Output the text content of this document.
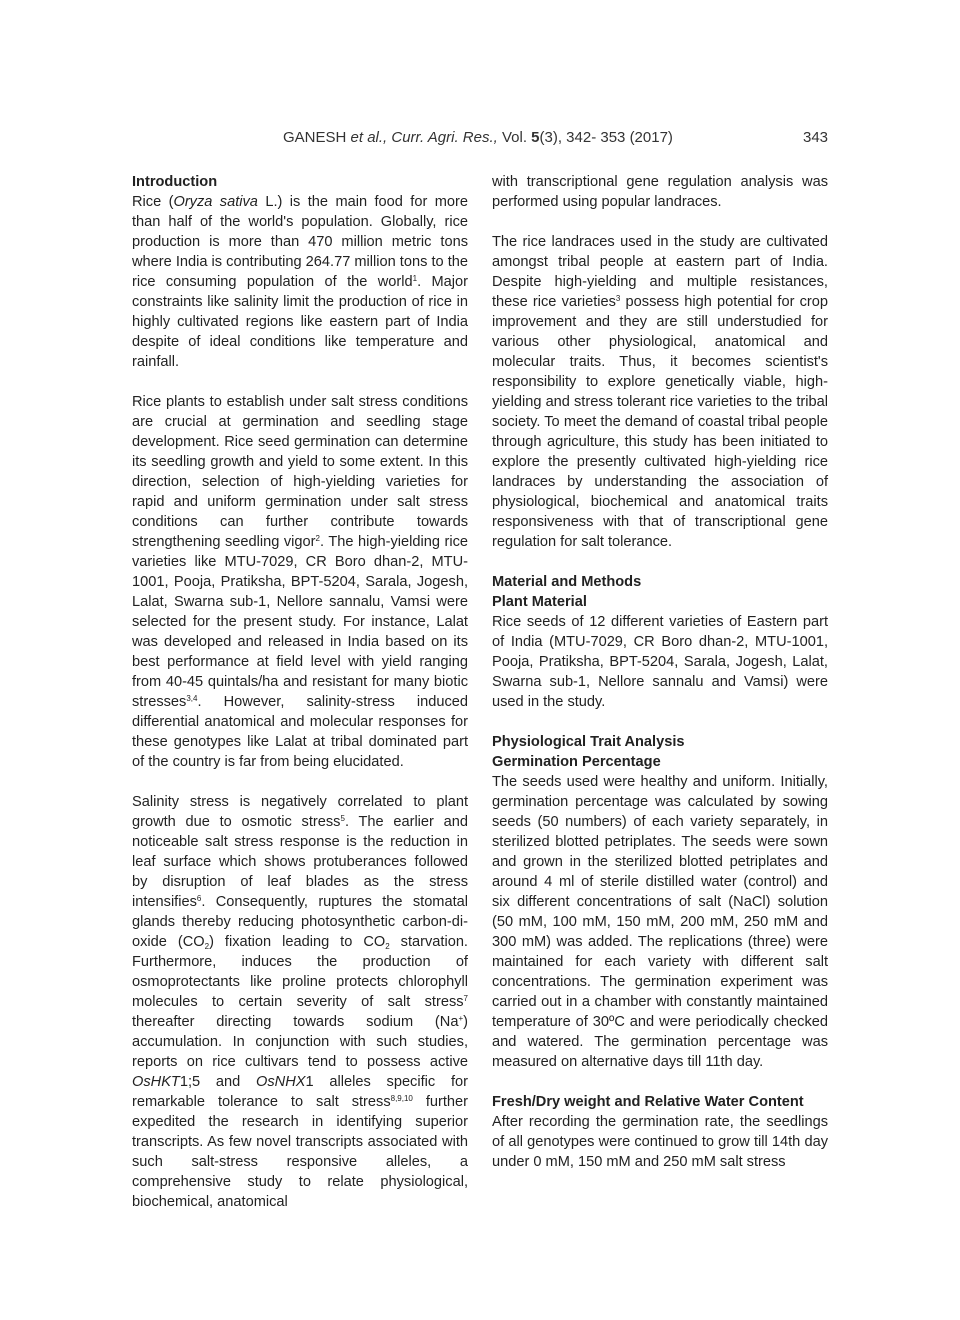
GANESH et al., Curr. Agri. Res., Vol. 5(3), 342- 353 (2017)	343
Introduction

Rice (Oryza sativa L.) is the main food for more than half of the world's population. Globally, rice production is more than 470 million metric tons where India is contributing 264.77 million tons to the rice consuming population of the world$^1$. Major constraints like salinity limit the production of rice in highly cultivated regions like eastern part of India despite of ideal conditions like temperature and rainfall.

Rice plants to establish under salt stress conditions are crucial at germination and seedling stage development. Rice seed germination can determine its seedling growth and yield to some extent. In this direction, selection of high-yielding varieties for rapid and uniform germination under salt stress conditions can further contribute towards strengthening seedling vigor$^2$. The high-yielding rice varieties like MTU-7029, CR Boro dhan-2, MTU-1001, Pooja, Pratiksha, BPT-5204, Sarala, Jogesh, Lalat, Swarna sub-1, Nellore sannalu, Vamsi were selected for the present study. For instance, Lalat was developed and released in India based on its best performance at field level with yield ranging from 40-45 quintals/ha and resistant for many biotic stresses$^{3,4}$. However, salinity-stress induced differential anatomical and molecular responses for these genotypes like Lalat at tribal dominated part of the country is far from being elucidated.

Salinity stress is negatively correlated to plant growth due to osmotic stress$^5$. The earlier and noticeable salt stress response is the reduction in leaf surface which shows protuberances followed by disruption of leaf blades as the stress intensifies$^6$. Consequently, ruptures the stomatal glands thereby reducing photosynthetic carbon-di-oxide $(CO_2)$ fixation leading to $CO_2$ starvation. Furthermore, induces the production of osmoprotectants like proline protects chlorophyll molecules to certain severity of salt stress$^7$ thereafter directing towards sodium (Na+) accumulation. In conjunction with such studies, reports on rice cultivars tend to possess active OsHKT1;5 and OsNHX1 alleles specific for remarkable tolerance to salt stress$^{8,9,10}$ further expedited the research in identifying superior transcripts. As few novel transcripts associated with such salt-stress responsive alleles, a comprehensive study to relate physiological, biochemical, anatomical

with transcriptional gene regulation analysis was performed using popular landraces.

The rice landraces used in the study are cultivated amongst tribal people at eastern part of India. Despite high-yielding and multiple resistances, these rice varieties$^3$ possess high potential for crop improvement and they are still understudied for various other physiological, anatomical and molecular traits. Thus, it becomes scientist's responsibility to explore genetically viable, high-yielding and stress tolerant rice varieties to the tribal society. To meet the demand of coastal tribal people through agriculture, this study has been initiated to explore the presently cultivated high-yielding rice landraces by understanding the association of physiological, biochemical and anatomical traits responsiveness with that of transcriptional gene regulation for salt tolerance.

Material and Methods
Plant Material

Rice seeds of 12 different varieties of Eastern part of India (MTU-7029, CR Boro dhan-2, MTU-1001, Pooja, Pratiksha, BPT-5204, Sarala, Jogesh, Lalat, Swarna sub-1, Nellore sannalu and Vamsi) were used in the study.

Physiological Trait Analysis
Germination Percentage

The seeds used were healthy and uniform. Initially, germination percentage was calculated by sowing seeds (50 numbers) of each variety separately, in sterilized blotted petriplates. The seeds were sown and grown in the sterilized blotted petriplates and around 4 ml of sterile distilled water (control) and six different concentrations of salt (NaCl) solution (50 mM, 100 mM, 150 mM, 200 mM, 250 mM and 300 mM) was added. The replications (three) were maintained for each variety with different salt concentrations. The germination experiment was carried out in a chamber with constantly maintained temperature of 30ºC and were periodically checked and watered. The germination percentage was measured on alternative days till 11th day.

Fresh/Dry weight and Relative Water Content

After recording the germination rate, the seedlings of all genotypes were continued to grow till 14th day under 0 mM, 150 mM and 250 mM salt stress
